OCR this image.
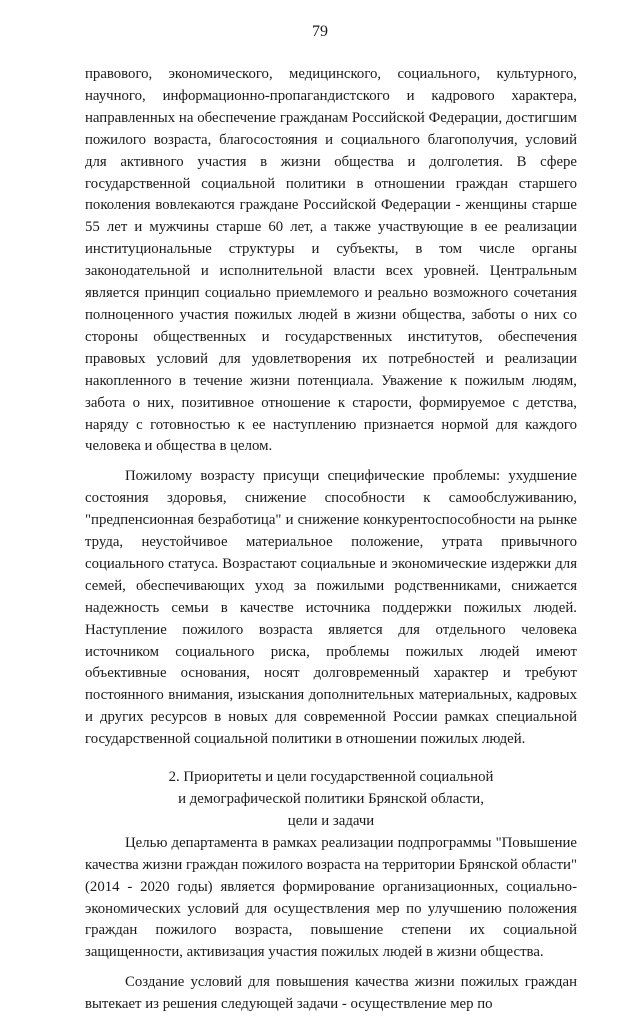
79

правового, экономического, медицинского, социального, культурного, научного, информационно-пропагандистского и кадрового характера, направленных на обеспечение гражданам Российской Федерации, достигшим пожилого возраста, благосостояния и социального благополучия, условий для активного участия в жизни общества и долголетия. В сфере государственной социальной политики в отношении граждан старшего поколения вовлекаются граждане Российской Федерации - женщины старше 55 лет и мужчины старше 60 лет, а также участвующие в ее реализации институциональные структуры и субъекты, в том числе органы законодательной и исполнительной власти всех уровней. Центральным является принцип социально приемлемого и реально возможного сочетания полноценного участия пожилых людей в жизни общества, заботы о них со стороны общественных и государственных институтов, обеспечения правовых условий для удовлетворения их потребностей и реализации накопленного в течение жизни потенциала. Уважение к пожилым людям, забота о них, позитивное отношение к старости, формируемое с детства, наряду с готовностью к ее наступлению признается нормой для каждого человека и общества в целом.

Пожилому возрасту присущи специфические проблемы: ухудшение состояния здоровья, снижение способности к самообслуживанию, "предпенсионная безработица" и снижение конкурентоспособности на рынке труда, неустойчивое материальное положение, утрата привычного социального статуса. Возрастают социальные и экономические издержки для семей, обеспечивающих уход за пожилыми родственниками, снижается надежность семьи в качестве источника поддержки пожилых людей. Наступление пожилого возраста является для отдельного человека источником социального риска, проблемы пожилых людей имеют объективные основания, носят долговременный характер и требуют постоянного внимания, изыскания дополнительных материальных, кадровых и других ресурсов в новых для современной России рамках специальной государственной социальной политики в отношении пожилых людей.

2. Приоритеты и цели государственной социальной
и демографической политики Брянской области,
цели и задачи

Целью департамента в рамках реализации подпрограммы "Повышение качества жизни граждан пожилого возраста на территории Брянской области" (2014 - 2020 годы) является формирование организационных, социально-экономических условий для осуществления мер по улучшению положения граждан пожилого возраста, повышение степени их социальной защищенности, активизация участия пожилых людей в жизни общества.

Создание условий для повышения качества жизни пожилых граждан вытекает из решения следующей задачи - осуществление мер по
